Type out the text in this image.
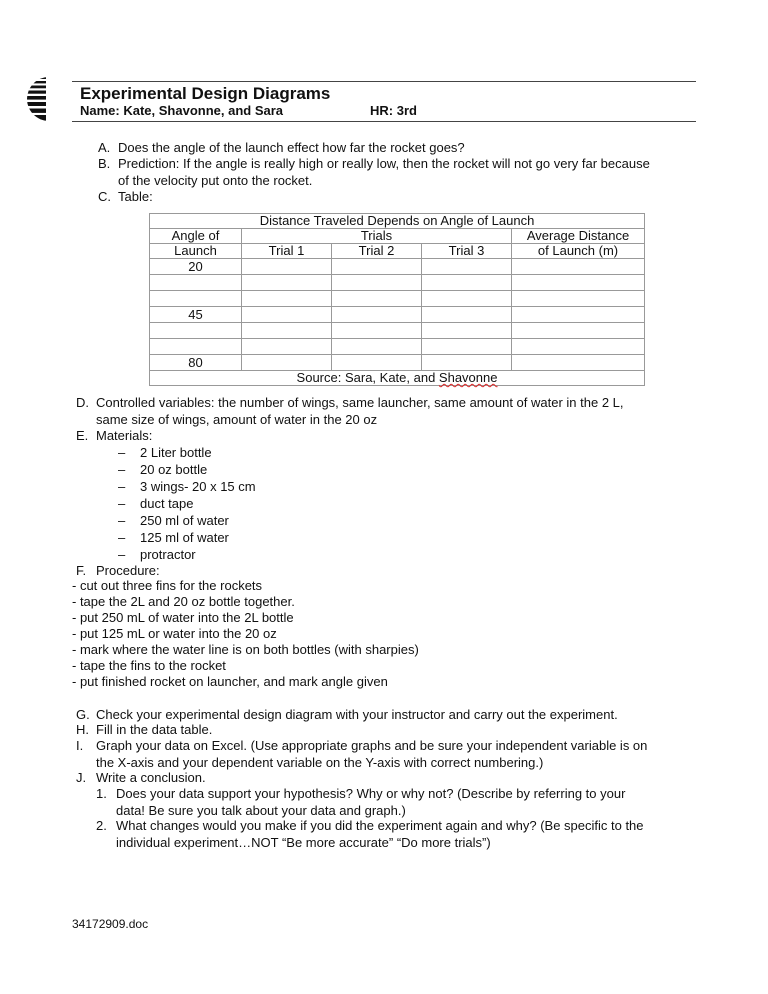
Experimental Design Diagrams
Name: Kate, Shavonne, and Sara	HR: 3rd
A. Does the angle of the launch effect how far the rocket goes?
B. Prediction: If the angle is really high or really low, then the rocket will not go very far because
of the velocity put onto the rocket.
C. Table:
Distance Traveled Depends on Angle of Launch				
Angle of	Trials			Average Distance
Launch	Trial 1	Trial 2	Trial 3	of Launch (m)
20				

45				

80				
Source: Sara, Kate, and Shavonne				
D. Controlled variables: the number of wings, same launcher, same amount of water in the 2 L,
same size of wings, amount of water in the 20 oz
E. Materials:
– 2 Liter bottle
– 20 oz bottle
– 3 wings- 20 x 15 cm
– duct tape
– 250 ml of water
– 125 ml of water
– protractor
F. Procedure:
- cut out three fins for the rockets
- tape the 2L and 20 oz bottle together.
- put 250 mL of water into the 2L bottle
- put 125 mL or water into the 20 oz
- mark where the water line is on both bottles (with sharpies)
- tape the fins to the rocket
- put finished rocket on launcher, and mark angle given
G. Check your experimental design diagram with your instructor and carry out the experiment.
H. Fill in the data table.
I. Graph your data on Excel. (Use appropriate graphs and be sure your independent variable is on
the X-axis and your dependent variable on the Y-axis with correct numbering.)
J. Write a conclusion.
1. Does your data support your hypothesis? Why or why not? (Describe by referring to your
data! Be sure you talk about your data and graph.)
2. What changes would you make if you did the experiment again and why? (Be specific to the
individual experiment…NOT “Be more accurate” “Do more trials”)
34172909.doc
